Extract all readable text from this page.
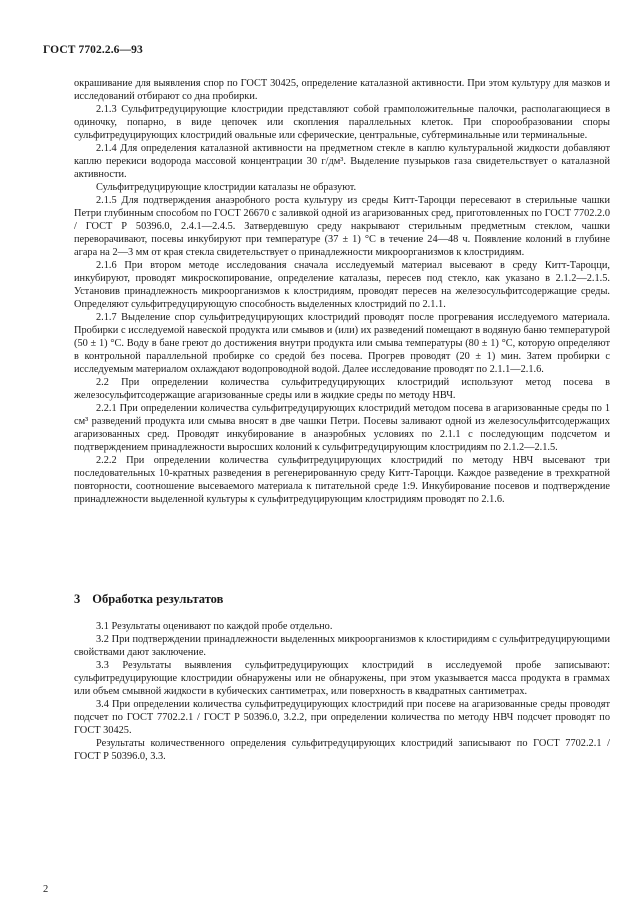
ГОСТ 7702.2.6—93

окрашивание для выявления спор по ГОСТ 30425, определение каталазной активности. При этом культуру для мазков и исследований отбирают со дна пробирки.

2.1.3 Сульфитредуцирующие клостридии представляют собой грамположительные палочки, располагающиеся в одиночку, попарно, в виде цепочек или скопления параллельных клеток. При спорообразовании споры сульфитредуцирующих клостридий овальные или сферические, центральные, субтерминальные или терминальные.

2.1.4 Для определения каталазной активности на предметном стекле в каплю культуральной жидкости добавляют каплю перекиси водорода массовой концентрации 30 г/дм³. Выделение пузырьков газа свидетельствует о каталазной активности.

Сульфитредуцирующие клостридии каталазы не образуют.

2.1.5 Для подтверждения анаэробного роста культуру из среды Китт-Тароцци пересевают в стерильные чашки Петри глубинным способом по ГОСТ 26670 с заливкой одной из агаризованных сред, приготовленных по ГОСТ 7702.2.0 / ГОСТ Р 50396.0, 2.4.1—2.4.5. Затвердевшую среду накрывают стерильным предметным стеклом, чашки переворачивают, посевы инкубируют при температуре (37 ± 1) °С в течение 24—48 ч. Появление колоний в глубине агара на 2—3 мм от края стекла свидетельствует о принадлежности микроорганизмов к клостридиям.

2.1.6 При втором методе исследования сначала исследуемый материал высевают в среду Китт-Тароцци, инкубируют, проводят микроскопирование, определение каталазы, пересев под стекло, как указано в 2.1.2—2.1.5. Установив принадлежность микроорганизмов к клостридиям, проводят пересев на железосульфитсодержащие среды. Определяют сульфитредуцирующую способность выделенных клостридий по 2.1.1.

2.1.7 Выделение спор сульфитредуцирующих клостридий проводят после прогревания исследуемого материала. Пробирки с исследуемой навеской продукта или смывов и (или) их разведений помещают в водяную баню температурой (50 ± 1) °С. Воду в бане греют до достижения внутри продукта или смыва температуры (80 ± 1) °С, которую определяют в контрольной параллельной пробирке со средой без посева. Прогрев проводят (20 ± 1) мин. Затем пробирки с исследуемым материалом охлаждают водопроводной водой. Далее исследование проводят по 2.1.1—2.1.6.

2.2 При определении количества сульфитредуцирующих клостридий используют метод посева в железосульфитсодержащие агаризованные среды или в жидкие среды по методу НВЧ.

2.2.1 При определении количества сульфитредуцирующих клостридий методом посева в агаризованные среды по 1 см³ разведений продукта или смыва вносят в две чашки Петри. Посевы заливают одной из железосульфитсодержащих агаризованных сред. Проводят инкубирование в анаэробных условиях по 2.1.1 с последующим подсчетом и подтверждением принадлежности выросших колоний к сульфитредуцирующим клостридиям по 2.1.2—2.1.5.

2.2.2 При определении количества сульфитредуцирующих клостридий по методу НВЧ высевают три последовательных 10-кратных разведения в регенерированную среду Китт-Тароцци. Каждое разведение в трехкратной повторности, соотношение высеваемого материала к питательной среде 1:9. Инкубирование посевов и подтверждение принадлежности выделенной культуры к сульфитредуцирующим клостридиям проводят по 2.1.6.

3 Обработка результатов

3.1 Результаты оценивают по каждой пробе отдельно.

3.2 При подтверждении принадлежности выделенных микроорганизмов к клостиридиям с сульфитредуцирующими свойствами дают заключение.

3.3 Результаты выявления сульфитредуцирующих клостридий в исследуемой пробе записывают: сульфитредуцирующие клостридии обнаружены или не обнаружены, при этом указывается масса продукта в граммах или объем смывной жидкости в кубических сантиметрах, или поверхность в квадратных сантиметрах.

3.4 При определении количества сульфитредуцирующих клостридий при посеве на агаризованные среды проводят подсчет по ГОСТ 7702.2.1 / ГОСТ Р 50396.0, 3.2.2, при определении количества по методу НВЧ подсчет проводят по ГОСТ 30425.

Результаты количественного определения сульфитредуцирующих клостридий записывают по ГОСТ 7702.2.1 / ГОСТ Р 50396.0, 3.3.

2
